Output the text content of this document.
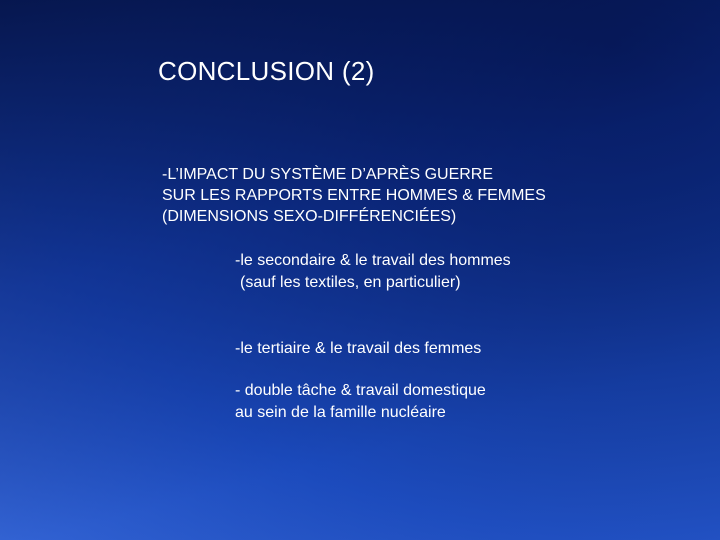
CONCLUSION (2)
-L’IMPACT DU SYSTÈME D’APRÈS GUERRE
SUR LES RAPPORTS ENTRE HOMMES & FEMMES
(DIMENSIONS SEXO-DIFFÉRENCIÉES)
-le secondaire & le travail des hommes
(sauf les textiles, en particulier)
-le tertiaire & le travail des femmes
- double tâche & travail domestique
au sein de la famille nucléaire
